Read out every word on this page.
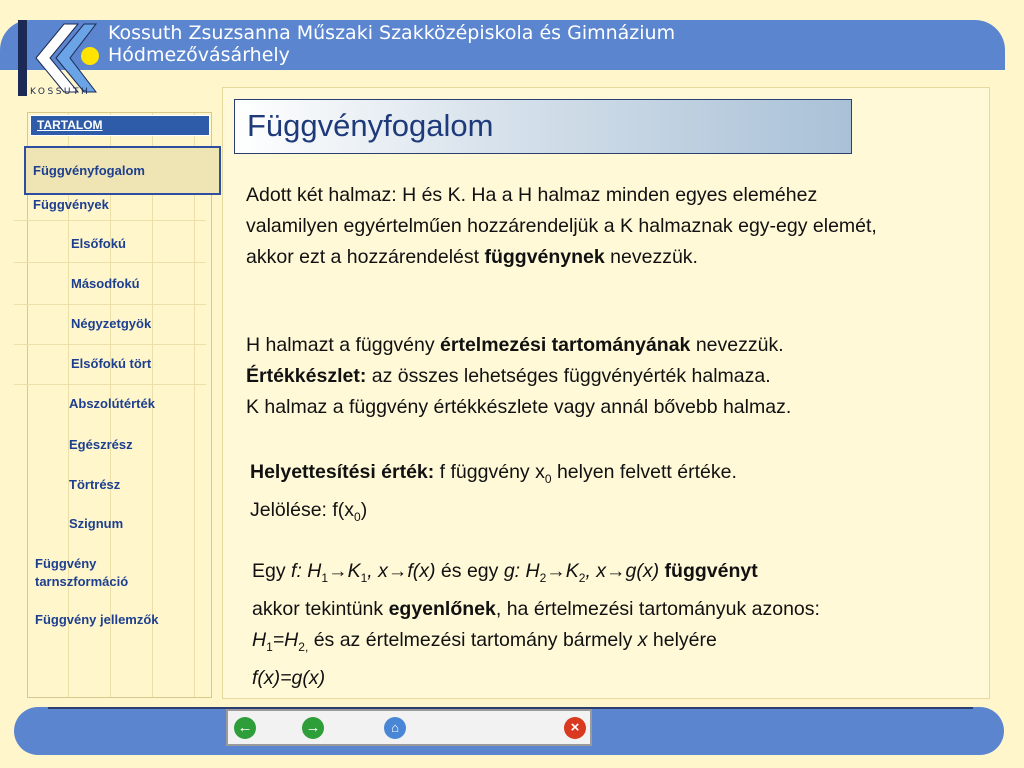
KOSSUTH
Kossuth Zsuzsanna Műszaki Szakközépiskola és Gimnázium
Hódmezővásárhely
TARTALOM
Függvényfogalom
Függvények
Elsőfokú
Másodfokú
Négyzetgyök
Elsőfokú tört
Abszolútérték
Egészrész
Törtrész
Szignum
Függvény tarnszformáció
Függvény jellemzők
Függvényfogalom

Adott két halmaz: H és K. Ha a H halmaz minden egyes eleméhez valamilyen egyértelműen hozzárendeljük a K halmaznak egy-egy elemét, akkor ezt a hozzárendelést függvénynek nevezzük.

H halmazt a függvény értelmezési tartományának nevezzük.

Értékkészlet: az összes lehetséges függvényérték halmaza.

K halmaz a függvény értékkészlete vagy annál bővebb halmaz.

Helyettesítési érték: f függvény $x_0$ helyen felvett értéke.

Jelölése: $f(x_0)$

Egy f: $H_1\to K_1$, x→f(x) és egy g: $H_2\to K_2$, x→g(x) függvényt

akkor tekintünk egyenlőnek, ha értelmezési tartományuk azonos:

$H_1=H_{2,}$ és az értelmezési tartomány bármely x helyére

f(x)=g(x)

←	→	⌂	×
